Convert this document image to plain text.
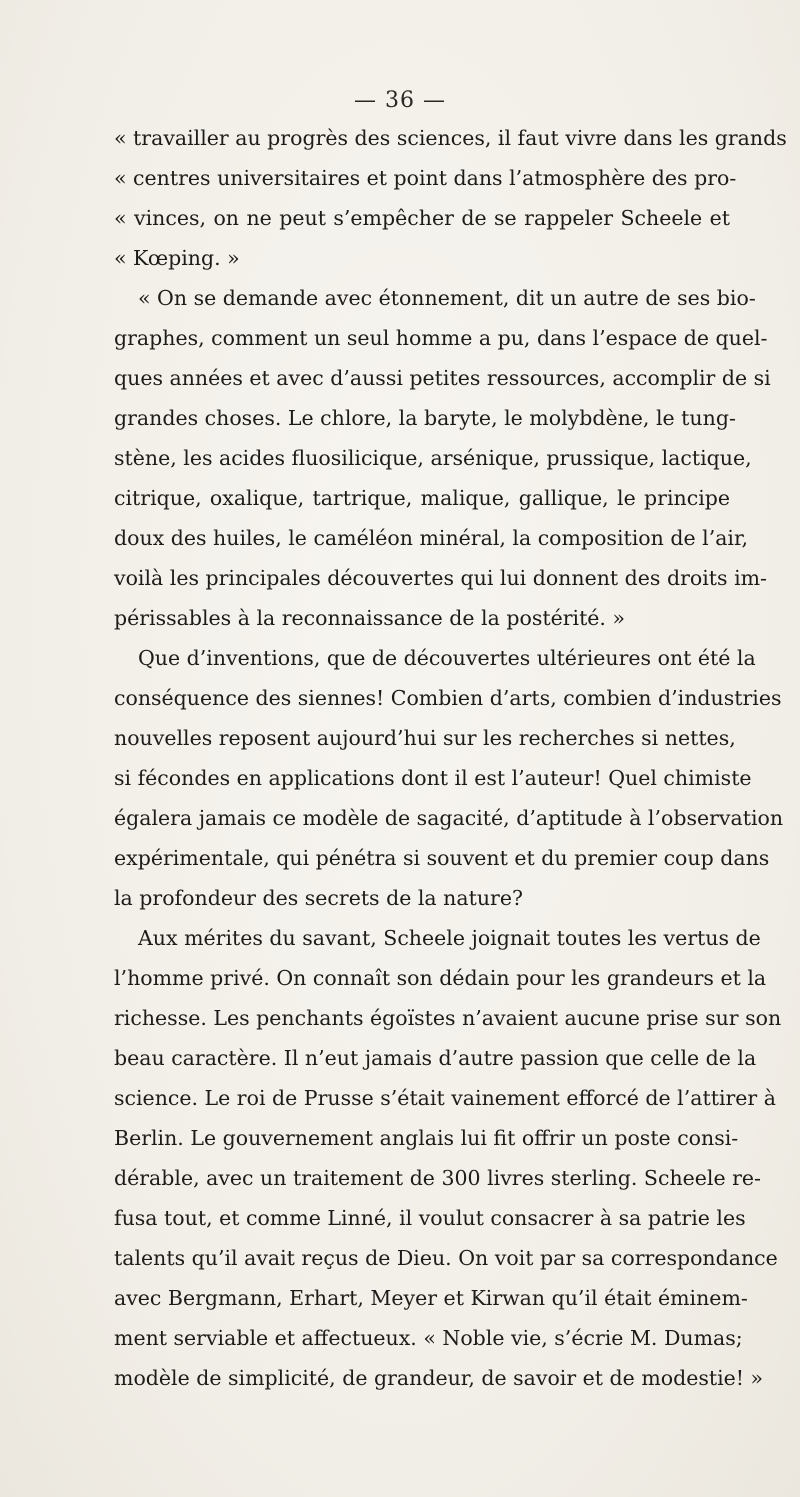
— 36 —
« travailler au progrès des sciences, il faut vivre dans les grands
« centres universitaires et point dans l’atmosphère des pro-
« vinces, on ne peut s’empêcher de se rappeler Scheele et
« Kœping. »
« On se demande avec étonnement, dit un autre de ses bio-
graphes, comment un seul homme a pu, dans l’espace de quel-
ques années et avec d’aussi petites ressources, accomplir de si
grandes choses. Le chlore, la baryte, le molybdène, le tung-
stène, les acides fluosilicique, arsénique, prussique, lactique,
citrique, oxalique, tartrique, malique, gallique, le principe
doux des huiles, le caméléon minéral, la composition de l’air,
voilà les principales découvertes qui lui donnent des droits im-
périssables à la reconnaissance de la postérité. »
Que d’inventions, que de découvertes ultérieures ont été la
conséquence des siennes! Combien d’arts, combien d’industries
nouvelles reposent aujourd’hui sur les recherches si nettes,
si fécondes en applications dont il est l’auteur! Quel chimiste
égalera jamais ce modèle de sagacité, d’aptitude à l’observation
expérimentale, qui pénétra si souvent et du premier coup dans
la profondeur des secrets de la nature?
Aux mérites du savant, Scheele joignait toutes les vertus de
l’homme privé. On connaît son dédain pour les grandeurs et la
richesse. Les penchants égoïstes n’avaient aucune prise sur son
beau caractère. Il n’eut jamais d’autre passion que celle de la
science. Le roi de Prusse s’était vainement efforcé de l’attirer à
Berlin. Le gouvernement anglais lui fit offrir un poste consi-
dérable, avec un traitement de 300 livres sterling. Scheele re-
fusa tout, et comme Linné, il voulut consacrer à sa patrie les
talents qu’il avait reçus de Dieu. On voit par sa correspondance
avec Bergmann, Erhart, Meyer et Kirwan qu’il était éminem-
ment serviable et affectueux. « Noble vie, s’écrie M. Dumas;
modèle de simplicité, de grandeur, de savoir et de modestie! »
